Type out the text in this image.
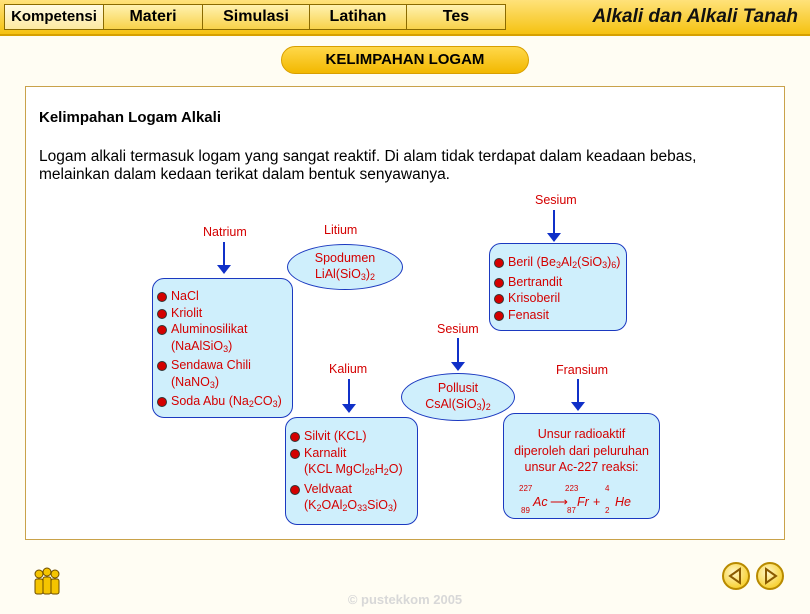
Kompetensi	Materi	Simulasi	Latihan	Tes	Alkali dan Alkali Tanah
KELIMPAHAN LOGAM
Kelimpahan Logam Alkali
Logam alkali termasuk logam yang sangat reaktif. Di alam tidak terdapat dalam keadaan bebas, melainkan dalam kedaan terikat dalam bentuk senyawanya.
Natrium
NaCl
Kriolit
Aluminosilikat
(NaAlSiO$_3$)
Sendawa Chili
(NaNO$_3$)
Soda Abu $(Na_2CO_3)$
Litium
Spodumen
$LiAl(SiO_3)_2$
Sesium
Beril $(Be_3Al_2(SiO_3)_6)$
Bertrandit
Krisoberil
Fenasit
Sesium
Pollusit
$CsAl(SiO_3)_2$
Kalium
Silvit (KCL)
Karnalit
(KCL $MgCl_{26}H_2O$)
Veldvaat
$(K_2OAl_2O_{33}SiO_3)$
Fransium
Unsur radioaktif
diperoleh dari peluruhan
unsur Ac-227 reaksi:
227
89
Ac ⟶
223
87
Fr +
4
2
He
© pustekkom 2005
